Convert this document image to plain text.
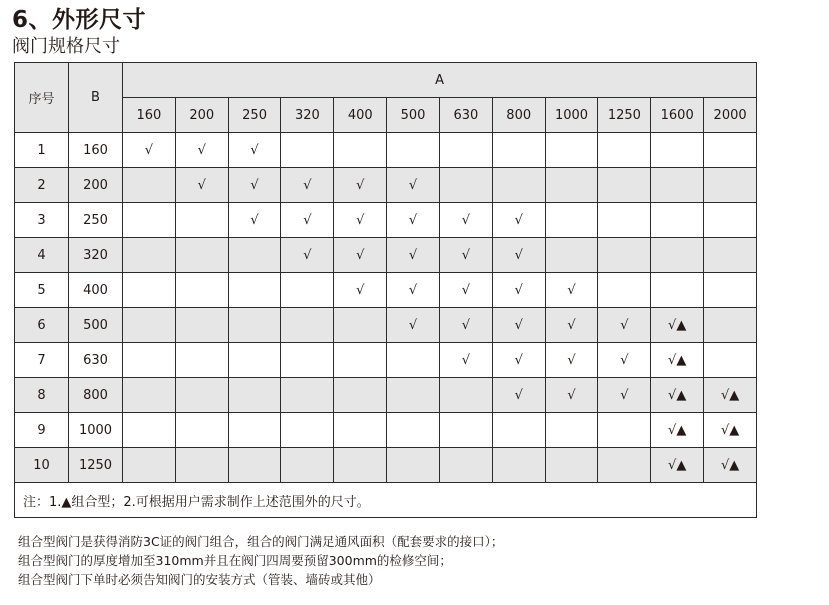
6、外形尺寸
阀门规格尺寸
序号	B	A											
		160	200	250	320	400	500	630	800	1000	1250	1600	2000
1	160	√	√	√									
2	200		√	√	√	√	√						
3	250			√	√	√	√	√	√				
4	320				√	√	√	√	√				
5	400					√	√	√	√	√			
6	500						√	√	√	√	√	√▲	
7	630							√	√	√	√	√▲	
8	800								√	√	√	√▲	√▲
9	1000											√▲	√▲
10	1250											√▲	√▲
注：1.▲组合型；2.可根据用户需求制作上述范围外的尺寸。													
组合型阀门是获得消防3C证的阀门组合，组合的阀门满足通风面积（配套要求的接口）；
组合型阀门的厚度增加至310mm并且在阀门四周要预留300mm的检修空间；
组合型阀门下单时必须告知阀门的安装方式（管装、墙砖或其他）
